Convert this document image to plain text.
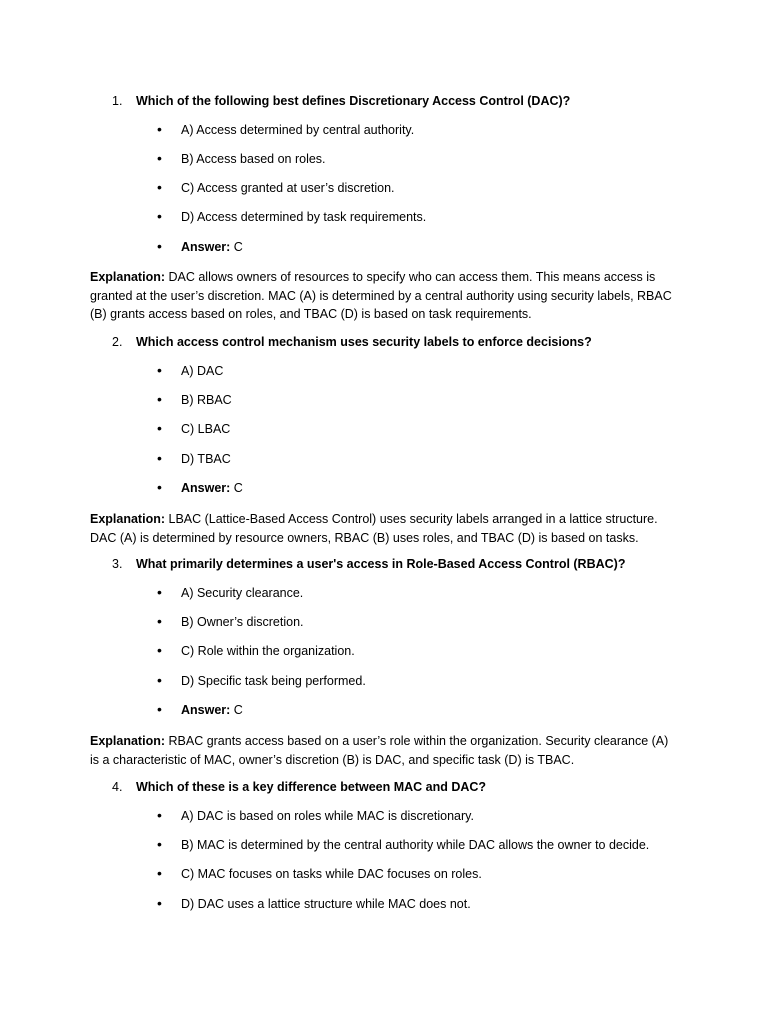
1. Which of the following best defines Discretionary Access Control (DAC)?
• A) Access determined by central authority.
• B) Access based on roles.
• C) Access granted at user’s discretion.
• D) Access determined by task requirements.
• Answer: C
Explanation: DAC allows owners of resources to specify who can access them. This means access is granted at the user’s discretion. MAC (A) is determined by a central authority using security labels, RBAC (B) grants access based on roles, and TBAC (D) is based on task requirements.
2. Which access control mechanism uses security labels to enforce decisions?
• A) DAC
• B) RBAC
• C) LBAC
• D) TBAC
• Answer: C
Explanation: LBAC (Lattice-Based Access Control) uses security labels arranged in a lattice structure. DAC (A) is determined by resource owners, RBAC (B) uses roles, and TBAC (D) is based on tasks.
3. What primarily determines a user's access in Role-Based Access Control (RBAC)?
• A) Security clearance.
• B) Owner’s discretion.
• C) Role within the organization.
• D) Specific task being performed.
• Answer: C
Explanation: RBAC grants access based on a user’s role within the organization. Security clearance (A) is a characteristic of MAC, owner’s discretion (B) is DAC, and specific task (D) is TBAC.
4. Which of these is a key difference between MAC and DAC?
• A) DAC is based on roles while MAC is discretionary.
• B) MAC is determined by the central authority while DAC allows the owner to decide.
• C) MAC focuses on tasks while DAC focuses on roles.
• D) DAC uses a lattice structure while MAC does not.
